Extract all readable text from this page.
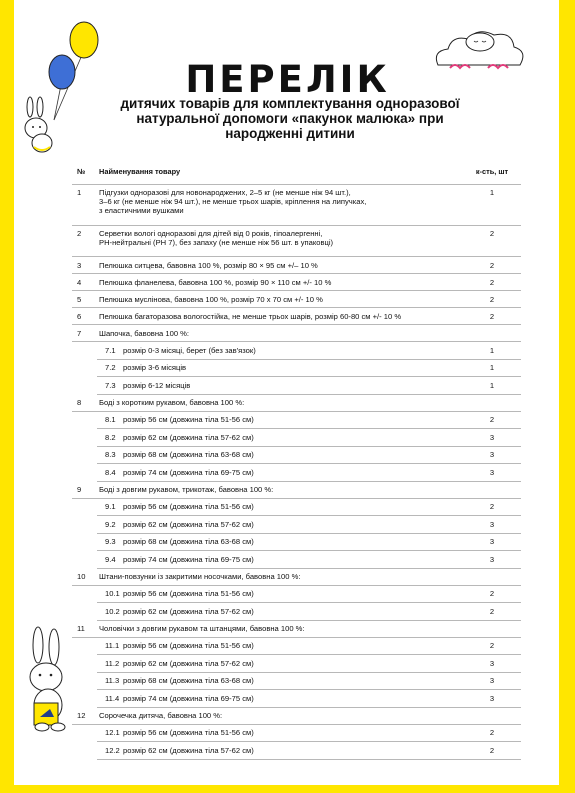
ПЕРЕЛІК
дитячих товарів для комплектування одноразової натуральної допомоги «пакунок малюка» при народженні дитини
№	Найменування товару	к-сть, шт
1	Підгузки одноразові для новонароджених, 2–5 кг (не менше ніж 94 шт.),
3–6 кг (не менше ніж 94 шт.), не менше трьох шарів, кріплення на липучках,
з еластичними вушками	1
2	Серветки вологі одноразові для дітей від 0 років, гіпоалергенні,
PH-нейтральні (PH 7), без запаху (не менше ніж 56 шт. в упаковці)	2
3	Пелюшка ситцева, бавовна 100 %, розмір 80 × 95 см +/– 10 %	2
4	Пелюшка фланелева, бавовна 100 %, розмір 90 × 110 см +/- 10 %	2
5	Пелюшка муслінова, бавовна 100 %, розмір 70 х 70 см +/- 10 %	2
6	Пелюшка багаторазова вологостійка, не менше трьох шарів, розмір 60-80 см +/- 10 %	2
7	Шапочка, бавовна 100 %:	
	7.1 розмір 0-3 місяці, берет (без зав'язок)	1
	7.2 розмір 3-6 місяців	1
	7.3 розмір 6-12 місяців	1
8	Боді з коротким рукавом, бавовна 100 %:	
	8.1 розмір 56 см (довжина тіла 51-56 см)	2
	8.2 розмір 62 см (довжина тіла 57-62 см)	3
	8.3 розмір 68 см (довжина тіла 63-68 см)	3
	8.4 розмір 74 см (довжина тіла 69-75 см)	3
9	Боді з довгим рукавом, трикотаж, бавовна 100 %:	
	9.1 розмір 56 см (довжина тіла 51-56 см)	2
	9.2 розмір 62 см (довжина тіла 57-62 см)	3
	9.3 розмір 68 см (довжина тіла 63-68 см)	3
	9.4 розмір 74 см (довжина тіла 69-75 см)	3
10	Штани-повзунки із закритими носочками, бавовна 100 %:	
	10.1 розмір 56 см (довжина тіла 51-56 см)	2
	10.2 розмір 62 см (довжина тіла 57-62 см)	2
11	Чоловічки з довгим рукавом та штанцями, бавовна 100 %:	
	11.1 розмір 56 см (довжина тіла 51-56 см)	2
	11.2 розмір 62 см (довжина тіла 57-62 см)	3
	11.3 розмір 68 см (довжина тіла 63-68 см)	3
	11.4 розмір 74 см (довжина тіла 69-75 см)	3
12	Сорочечка дитяча, бавовна 100 %:	
	12.1 розмір 56 см (довжина тіла 51-56 см)	2
	12.2 розмір 62 см (довжина тіла 57-62 см)	2
